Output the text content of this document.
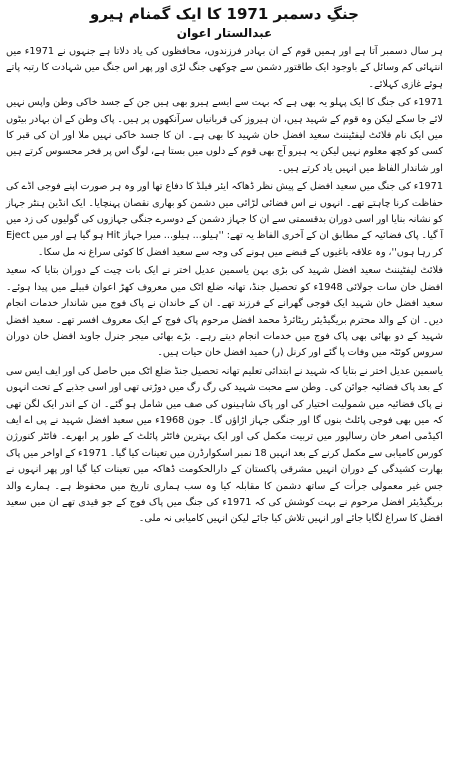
جنگِ دسمبر 1971 کا ایک گمنام ہیرو
عبدالستار اعوان

ہر سال دسمبر آتا ہے اور ہمیں قوم کے ان بہادر فرزندوں، محافظوں کی یاد دلاتا ہے جنہوں نے 1971ء میں انتہائی کم وسائل کے باوجود ایک طاقتور دشمن سے چوکھی جنگ لڑی اور پھر اس جنگ میں شہادت کا رتبہ پاتے ہوئے غازی کہلائے۔

1971ء کی جنگ کا ایک پہلو یہ بھی ہے کہ بہت سے ایسے ہیرو بھی ہیں جن کے جسد خاکی وطن واپس نہیں لائے جا سکے لیکن وہ قوم کے شہید ہیں، ان ہیروز کی قربانیاں سرآنکھوں پر ہیں۔ پاک وطن کے ان بہادر بیٹوں میں ایک نام فلائٹ لیفٹیننٹ سعید افضل خان شہید کا بھی ہے۔ ان کا جسد خاکی نہیں ملا اور ان کی قبر کا کسی کو کچھ معلوم نہیں لیکن یہ ہیرو آج بھی قوم کے دلوں میں بستا ہے، لوگ اس پر فخر محسوس کرتے ہیں اور شاندار الفاظ میں انہیں یاد کرتے ہیں۔

1971ء کی جنگ میں سعید افضل کے پیش نظر ڈھاکہ ایئر فیلڈ کا دفاع تھا اور وہ ہر صورت اپنے فوجی اڈے کی حفاظت کرنا چاہتے تھے۔ انہوں نے اس فضائی لڑائی میں دشمن کو بھاری نقصان پہنچایا۔ ایک انڈین ہنٹر جہاز کو نشانہ بنایا اور اسی دوران بدقسمتی سے ان کا جہاز دشمن کے دوسرے جنگی جہازوں کی گولیوں کی زد میں آ گیا۔ پاک فضائیہ کے مطابق ان کے آخری الفاظ یہ تھے: ''ہیلو... ہیلو... میرا جہاز Hit ہو گیا ہے اور میں Eject کر رہا ہوں''، وہ علاقہ باغیوں کے قبضے میں ہونے کی وجہ سے سعید افضل کا کوئی سراغ نہ مل سکا۔

فلائٹ لیفٹیننٹ سعید افضل شہید کی بڑی بہن یاسمین عدیل اختر نے ایک بات چیت کے دوران بتایا کہ سعید افضل خان سات جولائی 1948ء کو تحصیل جنڈ، تھانہ ضلع اٹک میں معروف کھڑ اعوان قبیلے میں پیدا ہوئے۔ سعید افضل خان شہید ایک فوجی گھرانے کے فرزند تھے۔ ان کے خاندان نے پاک فوج میں شاندار خدمات انجام دیں۔ ان کے والد محترم بریگیڈیئر ریٹائرڈ محمد افضل مرحوم پاک فوج کے ایک معروف افسر تھے۔ سعید افضل شہید کے دو بھائی بھی پاک فوج میں خدمات انجام دیتے رہے۔ بڑے بھائی میجر جنرل جاوید افضل خان دوران سروس کوئٹہ میں وفات پا گئے اور کرنل (ر) حمید افضل خان حیات ہیں۔

یاسمین عدیل اختر نے بتایا کہ شہید نے ابتدائی تعلیم تھانہ تحصیل جنڈ ضلع اٹک میں حاصل کی اور ایف ایس سی کے بعد پاک فضائیہ جوائن کی۔ وطن سے محبت شہید کی رگ رگ میں دوڑتی تھی اور اسی جذبے کے تحت انہوں نے پاک فضائیہ میں شمولیت اختیار کی اور پاک شاہینوں کی صف میں شامل ہو گئے۔ ان کے اندر ایک لگن تھی کہ میں بھی فوجی پائلٹ بنوں گا اور جنگی جہاز اڑاؤں گا۔ جون 1968ء میں سعید افضل شہید نے پی اے ایف اکیڈمی اصغر خان رسالپور میں تربیت مکمل کی اور ایک بہترین فائٹر پائلٹ کے طور پر ابھرے۔ فائٹر کنورژن کورس کامیابی سے مکمل کرنے کے بعد انہیں 18 نمبر اسکوارڈرن میں تعینات کیا گیا۔ 1971ء کے اواخر میں پاک بھارت کشیدگی کے دوران انہیں مشرقی پاکستان کے دارالحکومت ڈھاکہ میں تعینات کیا گیا اور پھر انہوں نے جس غیر معمولی جرأت کے ساتھ دشمن کا مقابلہ کیا وہ سب ہماری تاریخ میں محفوظ ہے۔ ہمارے والد بریگیڈیئر افضل مرحوم نے بہت کوشش کی کہ 1971ء کی جنگ میں پاک فوج کے جو قیدی تھے ان میں سعید افضل کا سراغ لگایا جائے اور انہیں تلاش کیا جائے لیکن انہیں کامیابی نہ ملی۔
